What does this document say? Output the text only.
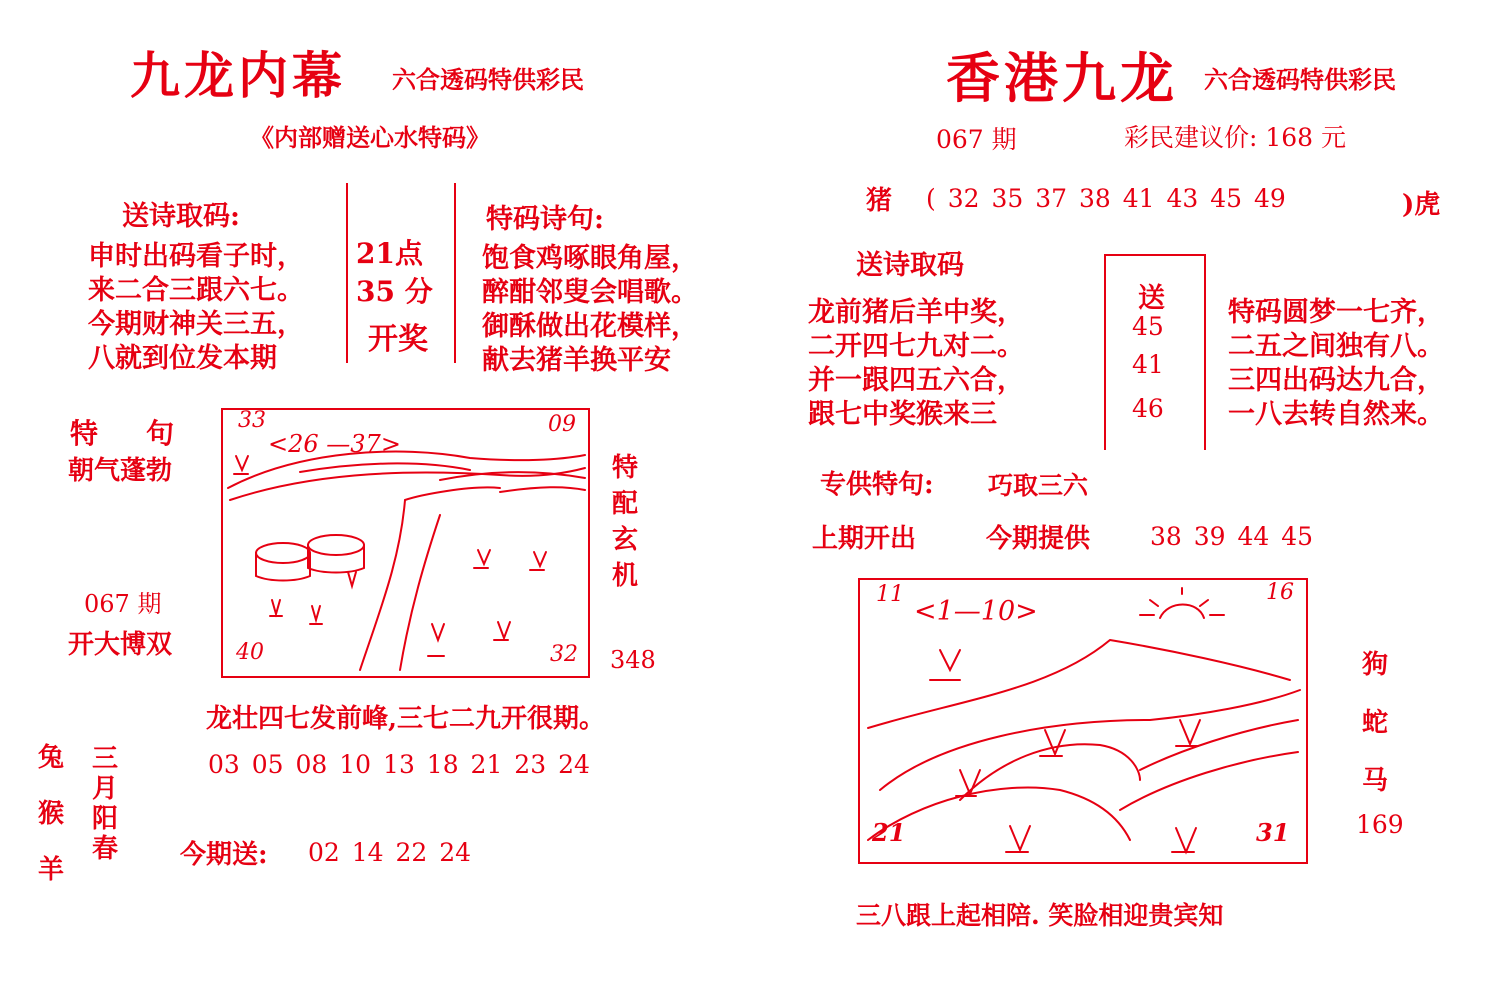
九龙内幕 六合透码特供彩民
《内部赠送心水特码》
送诗取码:
申时出码看子时，
来二合三跟六七。
今期财神关三五，
八就到位发本期
21点
35 分
开奖
特码诗句:
饱食鸡啄眼角屋，
醉酣邻叟会唱歌。
御酥做出花模样，
献去猪羊换平安
特 句
朝气蓬勃
067 期
开大博双
33	09
40	32
<26 —37>
特
配
玄
机
348
龙壮四七发前峰,三七二九开很期。
兔
猴
羊
三
月
阳
春
03 05 08 10 13 18 21 23 24
今期送: 02 14 22 24
香港九龙 六合透码特供彩民
067 期	彩民建议价: 168 元
猪 ( 32 35 37 38 41 43 45 49	)虎
送诗取码
龙前猪后羊中奖，
二开四七九对二。
并一跟四五六合，
跟七中奖猴来三
送
45
41
46
特码圆梦一七齐，
二五之间独有八。
三四出码达九合，
一八去转自然来。
专供特句: 巧取三六
上期开出	今期提供 38 39 44 45
11	16
21	31
<1—10>
狗
蛇
马
169
三八跟上起相陪. 笑脸相迎贵宾知
